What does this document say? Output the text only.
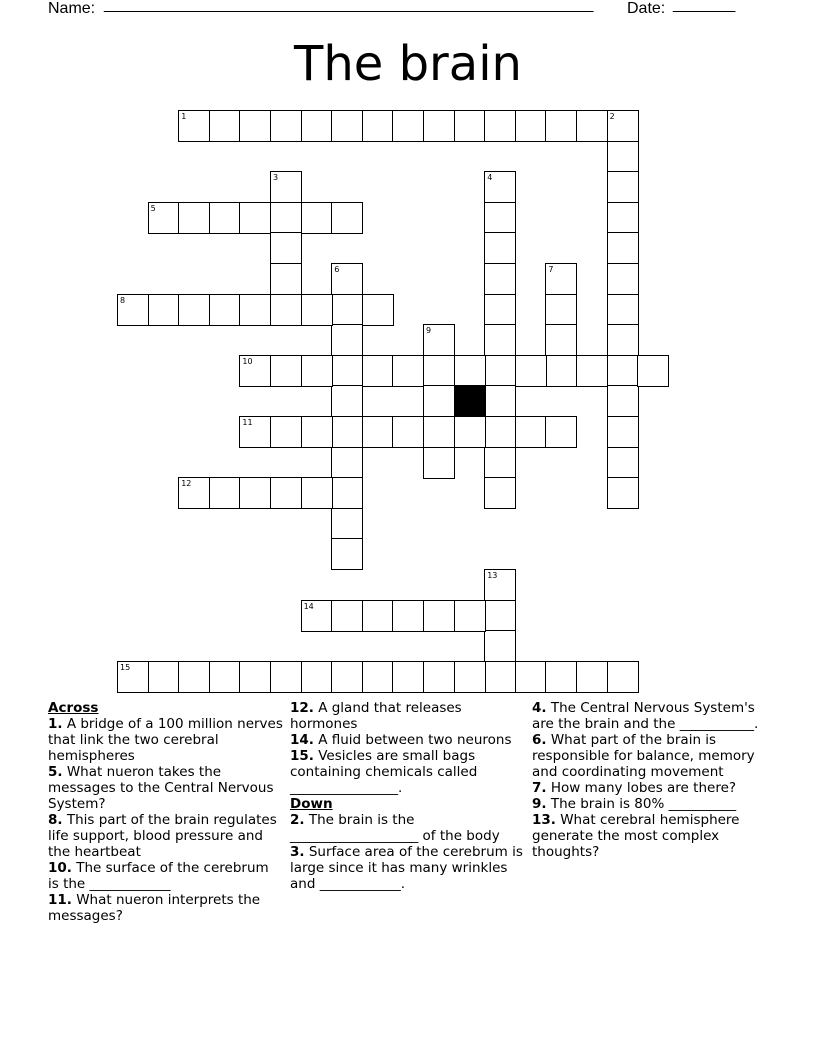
Name: _______________________________________________________ Date: _______
The brain
1	2
3	4
5
6	7
8
9
10
11
12
13
14
15
Across
1. A bridge of a 100 million nerves that link the two cerebral hemispheres
5. What nueron takes the messages to the Central Nervous System?
8. This part of the brain regulates life support, blood pressure and the heartbeat
10. The surface of the cerebrum is the ____________
11. What nueron interprets the messages?
12. A gland that releases hormones
14. A fluid between two neurons
15. Vesicles are small bags containing chemicals called ________________.
Down
2. The brain is the ___________________ of the body
3. Surface area of the cerebrum is large since it has many wrinkles and ____________.
4. The Central Nervous System's are the brain and the ___________.
6. What part of the brain is responsible for balance, memory and coordinating movement
7. How many lobes are there?
9. The brain is 80% __________
13. What cerebral hemisphere generate the most complex thoughts?
